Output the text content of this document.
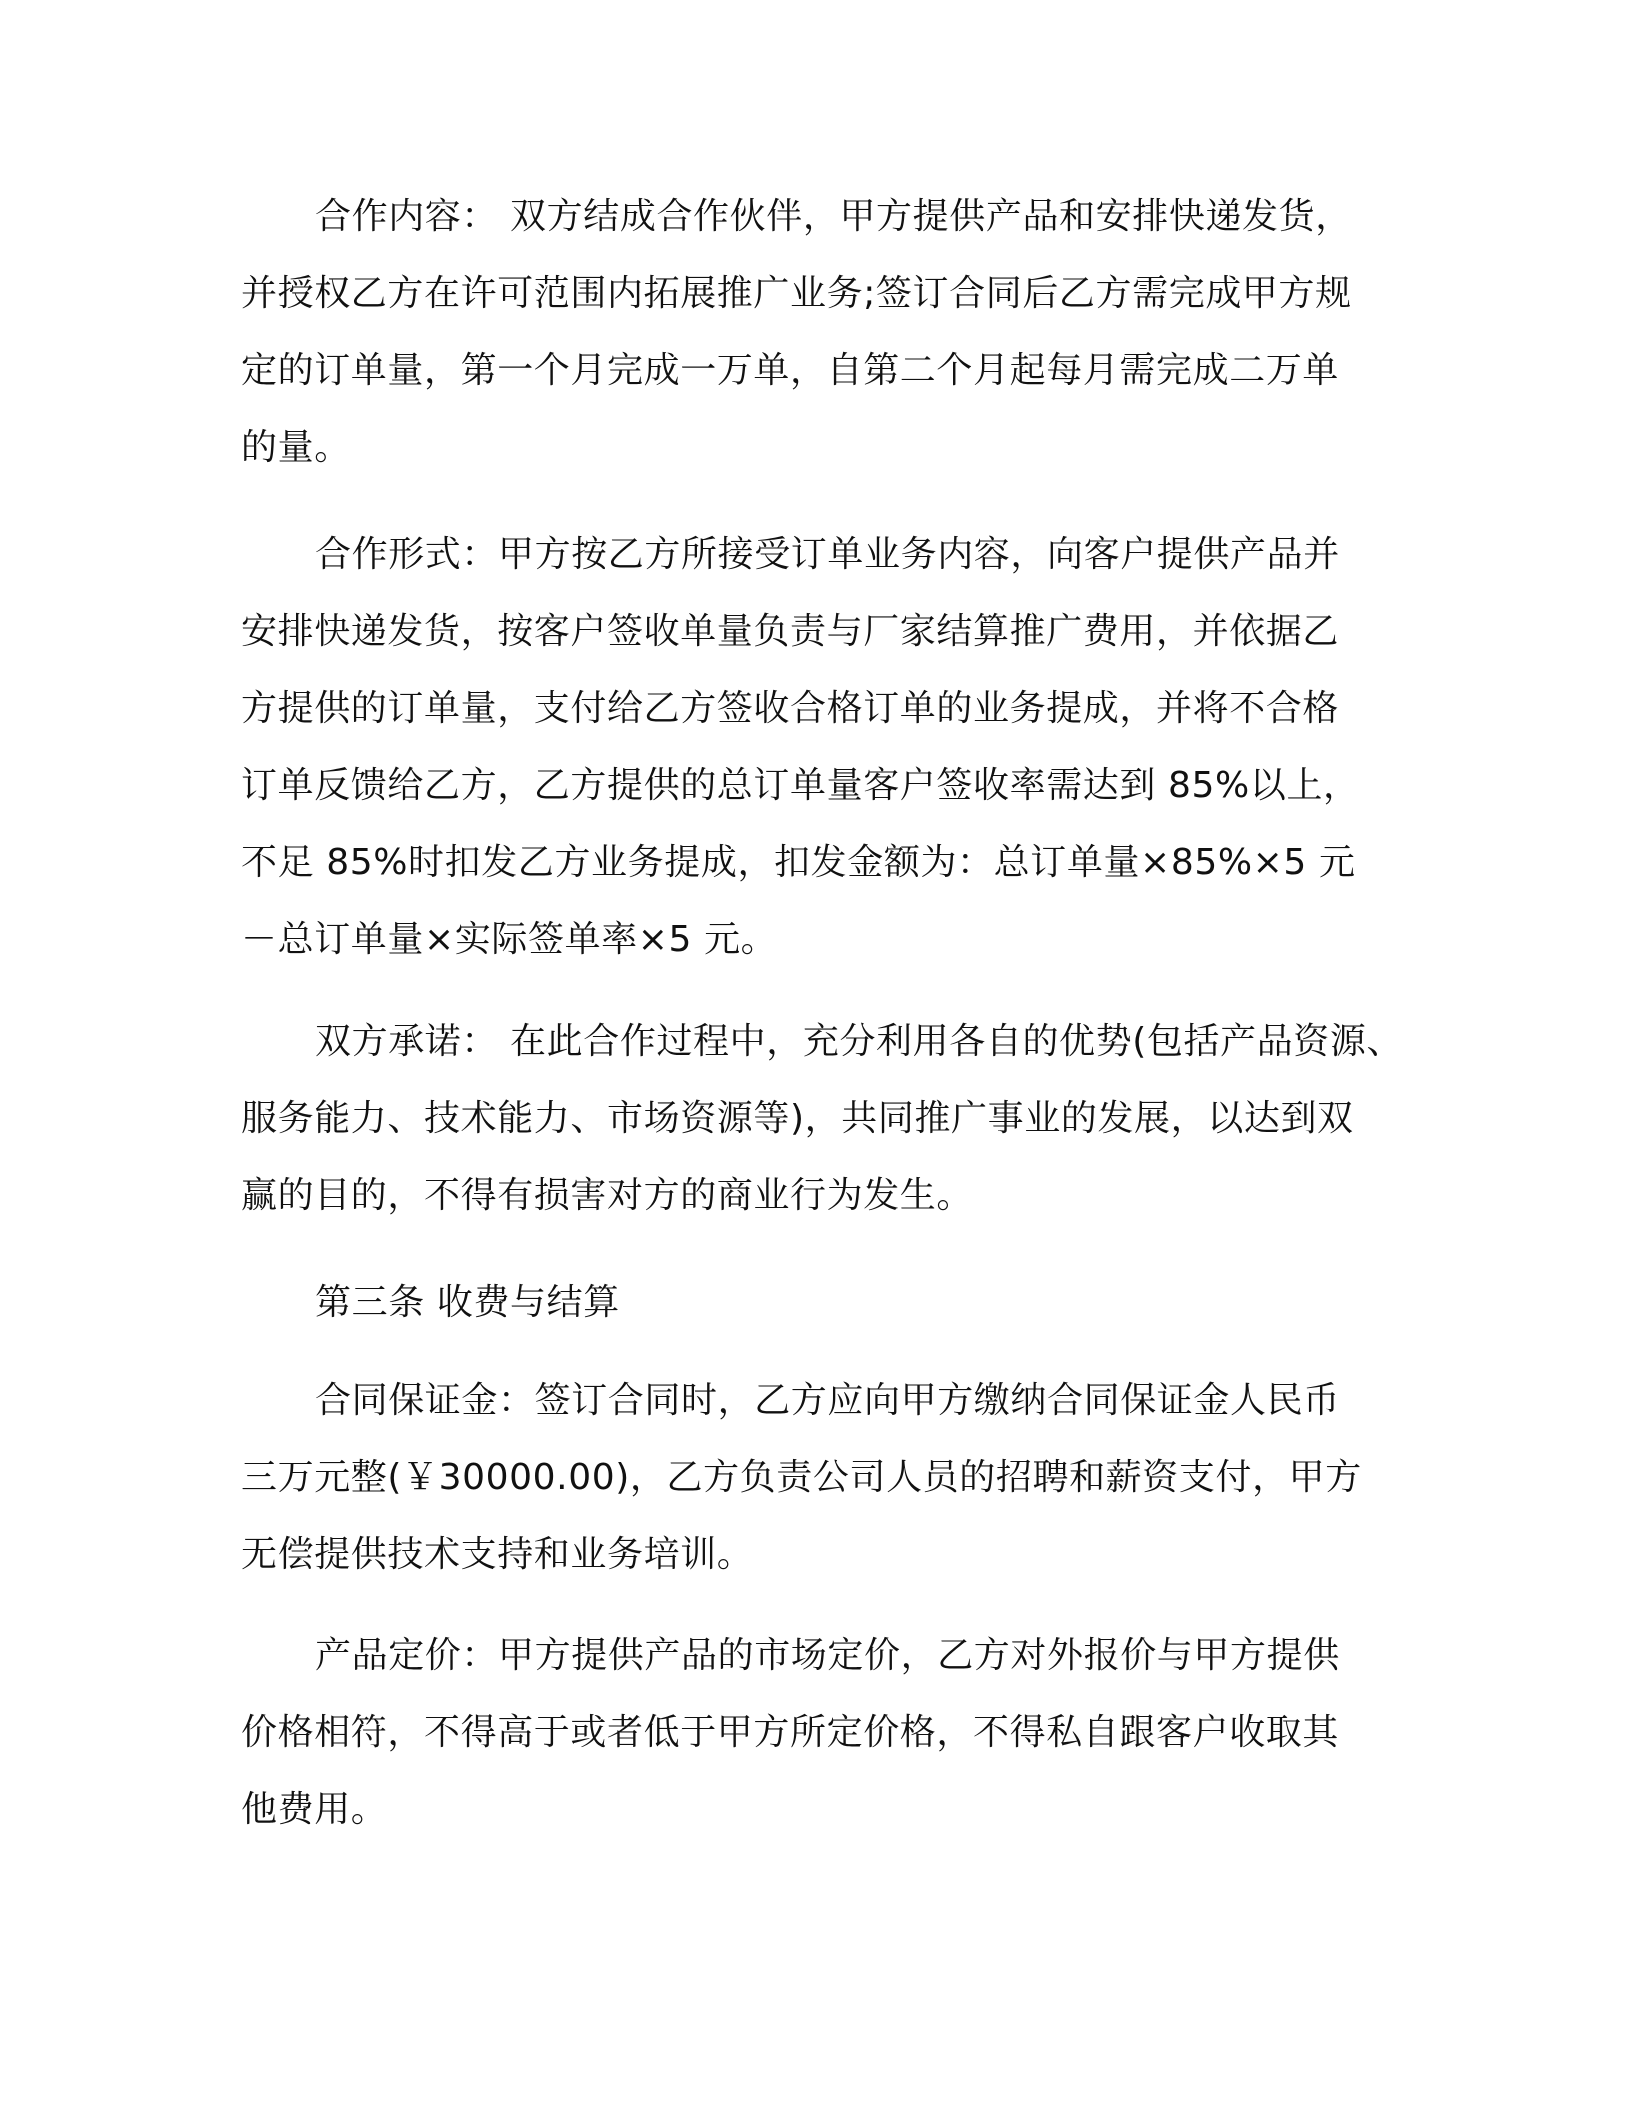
合作内容： 双方结成合作伙伴，甲方提供产品和安排快递发货，
并授权乙方在许可范围内拓展推广业务;签订合同后乙方需完成甲方规
定的订单量，第一个月完成一万单，自第二个月起每月需完成二万单
的量。

合作形式：甲方按乙方所接受订单业务内容，向客户提供产品并
安排快递发货，按客户签收单量负责与厂家结算推广费用，并依据乙
方提供的订单量，支付给乙方签收合格订单的业务提成，并将不合格
订单反馈给乙方，乙方提供的总订单量客户签收率需达到 85%以上，
不足 85%时扣发乙方业务提成，扣发金额为：总订单量×85%×5 元
－总订单量×实际签单率×5 元。

双方承诺： 在此合作过程中，充分利用各自的优势(包括产品资源、
服务能力、技术能力、市场资源等)，共同推广事业的发展，以达到双
赢的目的，不得有损害对方的商业行为发生。

第三条 收费与结算

合同保证金：签订合同时，乙方应向甲方缴纳合同保证金人民币
三万元整(￥30000.00)，乙方负责公司人员的招聘和薪资支付，甲方
无偿提供技术支持和业务培训。

产品定价：甲方提供产品的市场定价，乙方对外报价与甲方提供
价格相符，不得高于或者低于甲方所定价格，不得私自跟客户收取其
他费用。
